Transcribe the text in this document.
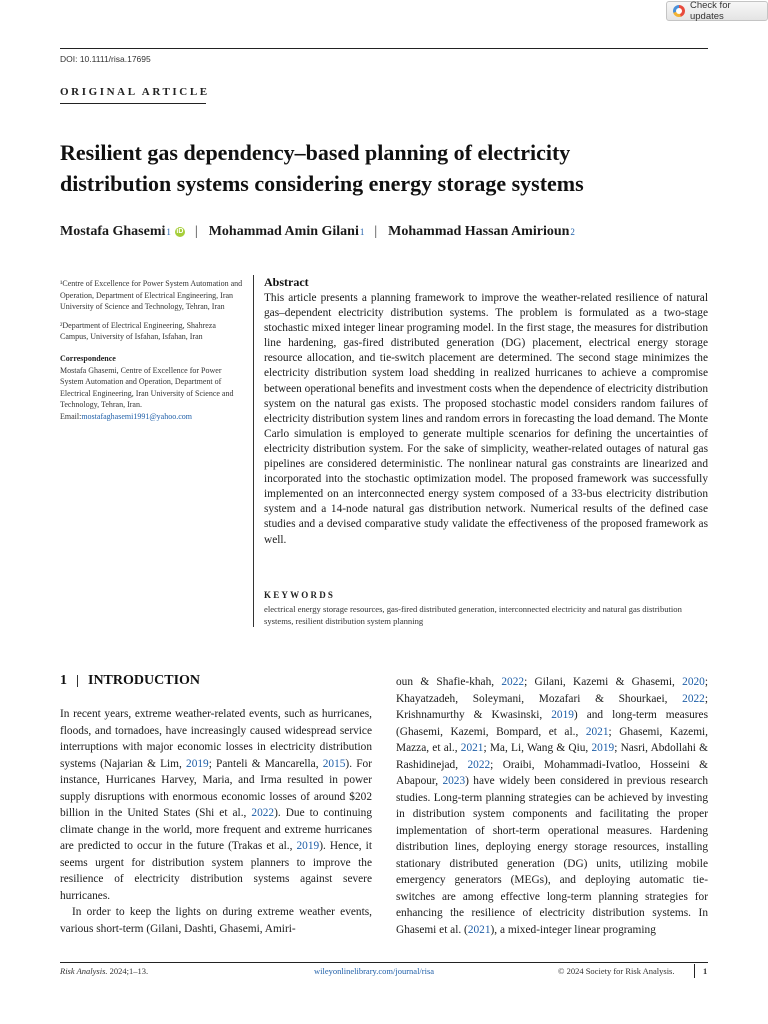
Check for updates
DOI: 10.1111/risa.17695
ORIGINAL ARTICLE
Resilient gas dependency–based planning of electricity distribution systems considering energy storage systems
Mostafa Ghasemi 1 iD | Mohammad Amin Gilani 1 | Mohammad Hassan Amirioun 2

¹Centre of Excellence for Power System Automation and Operation, Department of Electrical Engineering, Iran University of Science and Technology, Tehran, Iran

²Department of Electrical Engineering, Shahreza Campus, University of Isfahan, Isfahan, Iran

Correspondence
Mostafa Ghasemi, Centre of Excellence for Power System Automation and Operation, Department of Electrical Engineering, Iran University of Science and Technology, Tehran, Iran.
Email:mostafaghasemi1991@yahoo.com
Abstract

This article presents a planning framework to improve the weather-related resilience of natural gas–dependent electricity distribution systems. The problem is formulated as a two-stage stochastic mixed integer linear programing model. In the first stage, the measures for distribution line hardening, gas-fired distributed generation (DG) placement, electrical energy storage resource allocation, and tie-switch placement are determined. The second stage minimizes the electricity distribution system load shedding in realized hurricanes to achieve a compromise between operational benefits and investment costs when the dependence of electricity distribution system on the natural gas exists. The proposed stochastic model considers random failures of electricity distribution system lines and random errors in forecasting the load demand. The Monte Carlo simulation is employed to generate multiple scenarios for defining the uncertainties of electricity distribution system. For the sake of simplicity, weather-related outages of natural gas pipelines are considered deterministic. The nonlinear natural gas constraints are linearized and incorporated into the stochastic optimization model. The proposed framework was successfully implemented on an interconnected energy system composed of a 33-bus electricity distribution system and a 14-node natural gas distribution network. Numerical results of the defined case studies and a devised comparative study validate the effectiveness of the proposed framework as well.

KEYWORDS
electrical energy storage resources, gas-fired distributed generation, interconnected electricity and natural gas distribution systems, resilient distribution system planning
1 INTRODUCTION

In recent years, extreme weather-related events, such as hurricanes, floods, and tornadoes, have increasingly caused widespread service interruptions with major economic losses in electricity distribution systems (Najarian & Lim, 2019; Panteli & Mancarella, 2015). For instance, Hurricanes Harvey, Maria, and Irma resulted in power supply disruptions with enormous economic losses of around $202 billion in the United States (Shi et al., 2022). Due to continuing climate change in the world, more frequent and extreme hurricanes are predicted to occur in the future (Trakas et al., 2019). Hence, it seems urgent for distribution system planners to improve the resilience of electricity distribution systems against severe hurricanes.

In order to keep the lights on during extreme weather events, various short-term (Gilani, Dashti, Ghasemi, Amiri-

oun & Shafie-khah, 2022; Gilani, Kazemi & Ghasemi, 2020; Khayatzadeh, Soleymani, Mozafari & Shourkaei, 2022; Krishnamurthy & Kwasinski, 2019) and long-term measures (Ghasemi, Kazemi, Bompard, et al., 2021; Ghasemi, Kazemi, Mazza, et al., 2021; Ma, Li, Wang & Qiu, 2019; Nasri, Abdollahi & Rashidinejad, 2022; Oraibi, Mohammadi-Ivatloo, Hosseini & Abapour, 2023) have widely been considered in previous research studies. Long-term planning strategies can be achieved by investing in distribution system components and facilitating the proper implementation of short-term operational measures. Hardening distribution lines, deploying energy storage resources, installing stationary distributed generation (DG) units, utilizing mobile emergency generators (MEGs), and deploying automatic tie-switches are among effective long-term planning strategies for enhancing the resilience of electricity distribution systems. In Ghasemi et al. (2021), a mixed-integer linear programing

Risk Analysis. 2024;1–13.	wileyonlinelibrary.com/journal/risa	© 2024 Society for Risk Analysis.	1
